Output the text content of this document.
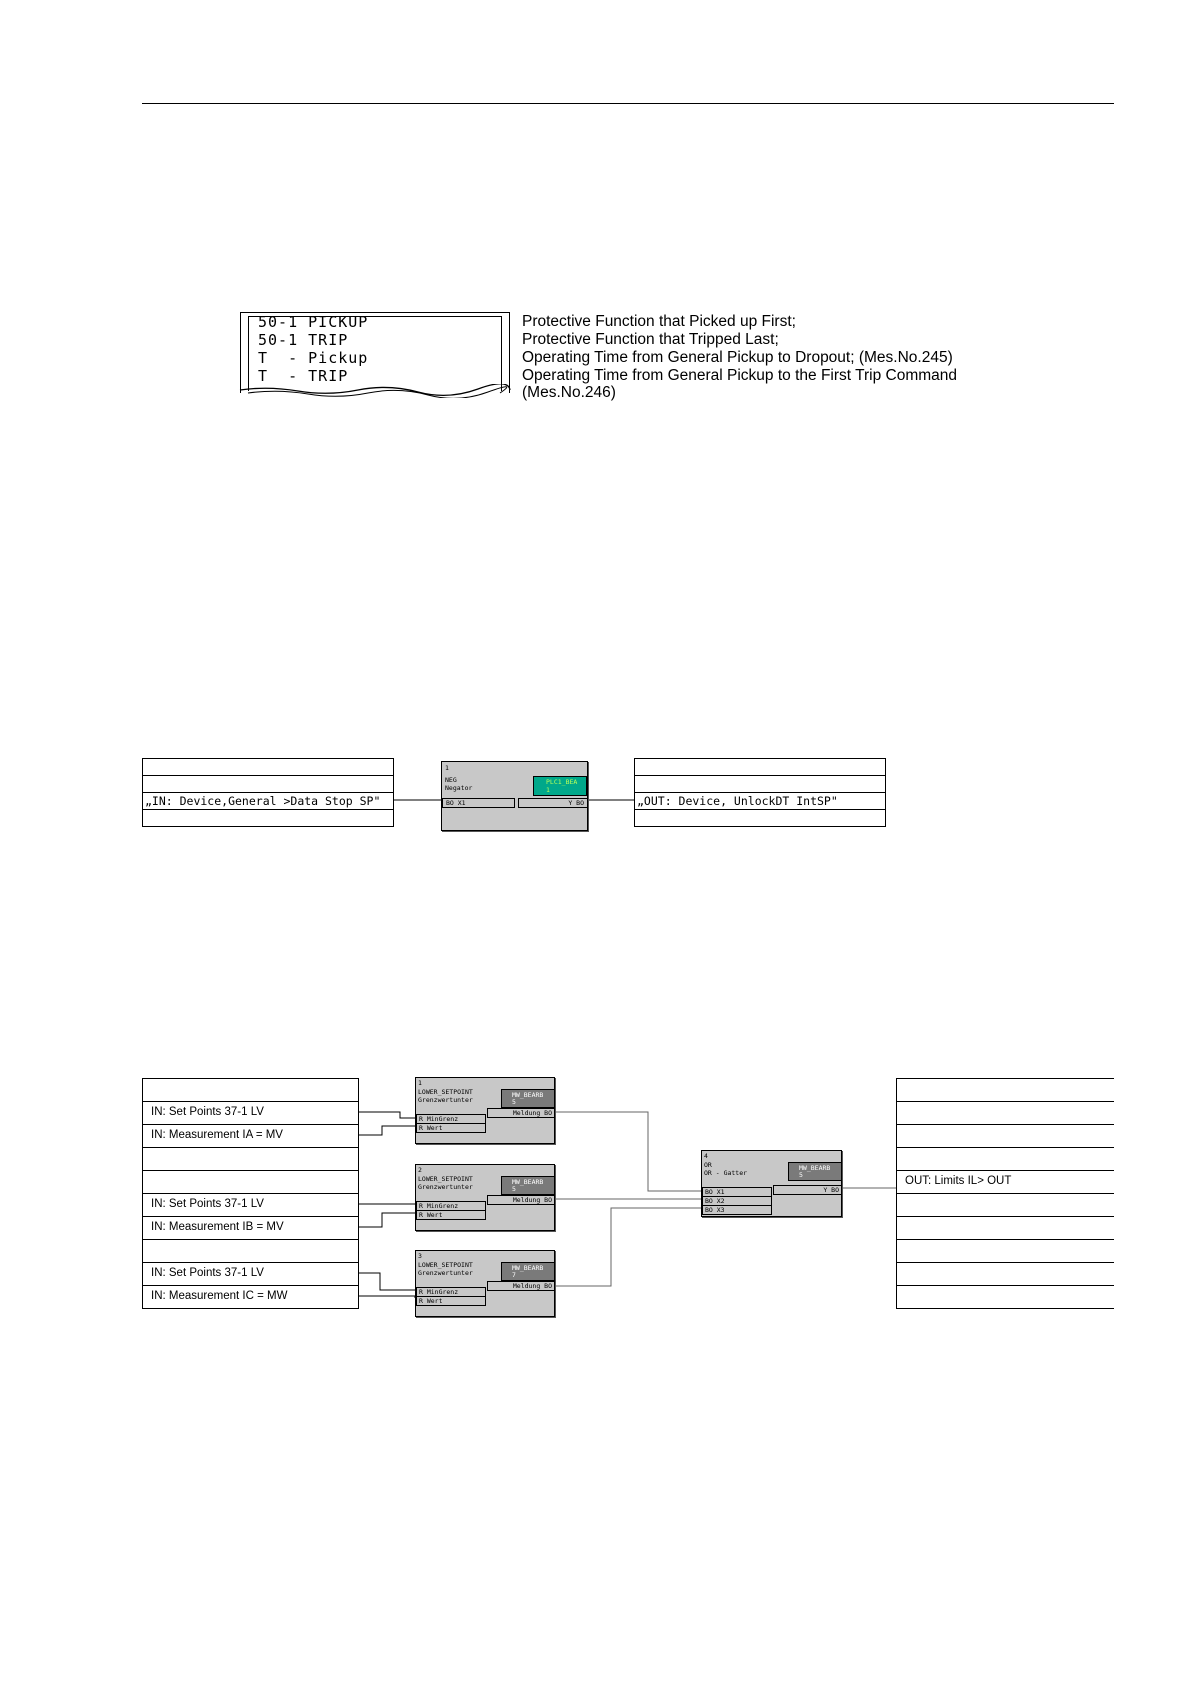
50-1 PICKUP
50-1 TRIP
T  - Pickup
T  - TRIP
Protective Function that Picked up First;
Protective Function that Tripped Last;
Operating Time from General Pickup to Dropout; (Mes.No.245)
Operating Time from General Pickup to the First Trip Command
(Mes.No.246)
„IN: Device,General >Data Stop SP"
1
NEG
Negator
PLC1_BEA
1
BO X1	Y BO	„OUT: Device, UnlockDT IntSP"
IN: Set Points 37-1 LV
IN: Measurement IA = MV
IN: Set Points 37-1 LV
IN: Measurement IB = MV
IN: Set Points 37-1 LV
IN: Measurement IC = MW
1
LOWER_SETPOINT
Grenzwertunter
MW_BEARB
5
R MinGrenz
R Wert
Meldung BO
2
LOWER_SETPOINT
Grenzwertunter
MW_BEARB
5
R MinGrenz
R Wert
Meldung BO
3
LOWER_SETPOINT
Grenzwertunter
MW_BEARB
7
R MinGrenz
R Wert
Meldung BO
4
OR
OR - Gatter
MW_BEARB
5
BO X1
BO X2
BO X3
Y BO
OUT: Limits IL> OUT
